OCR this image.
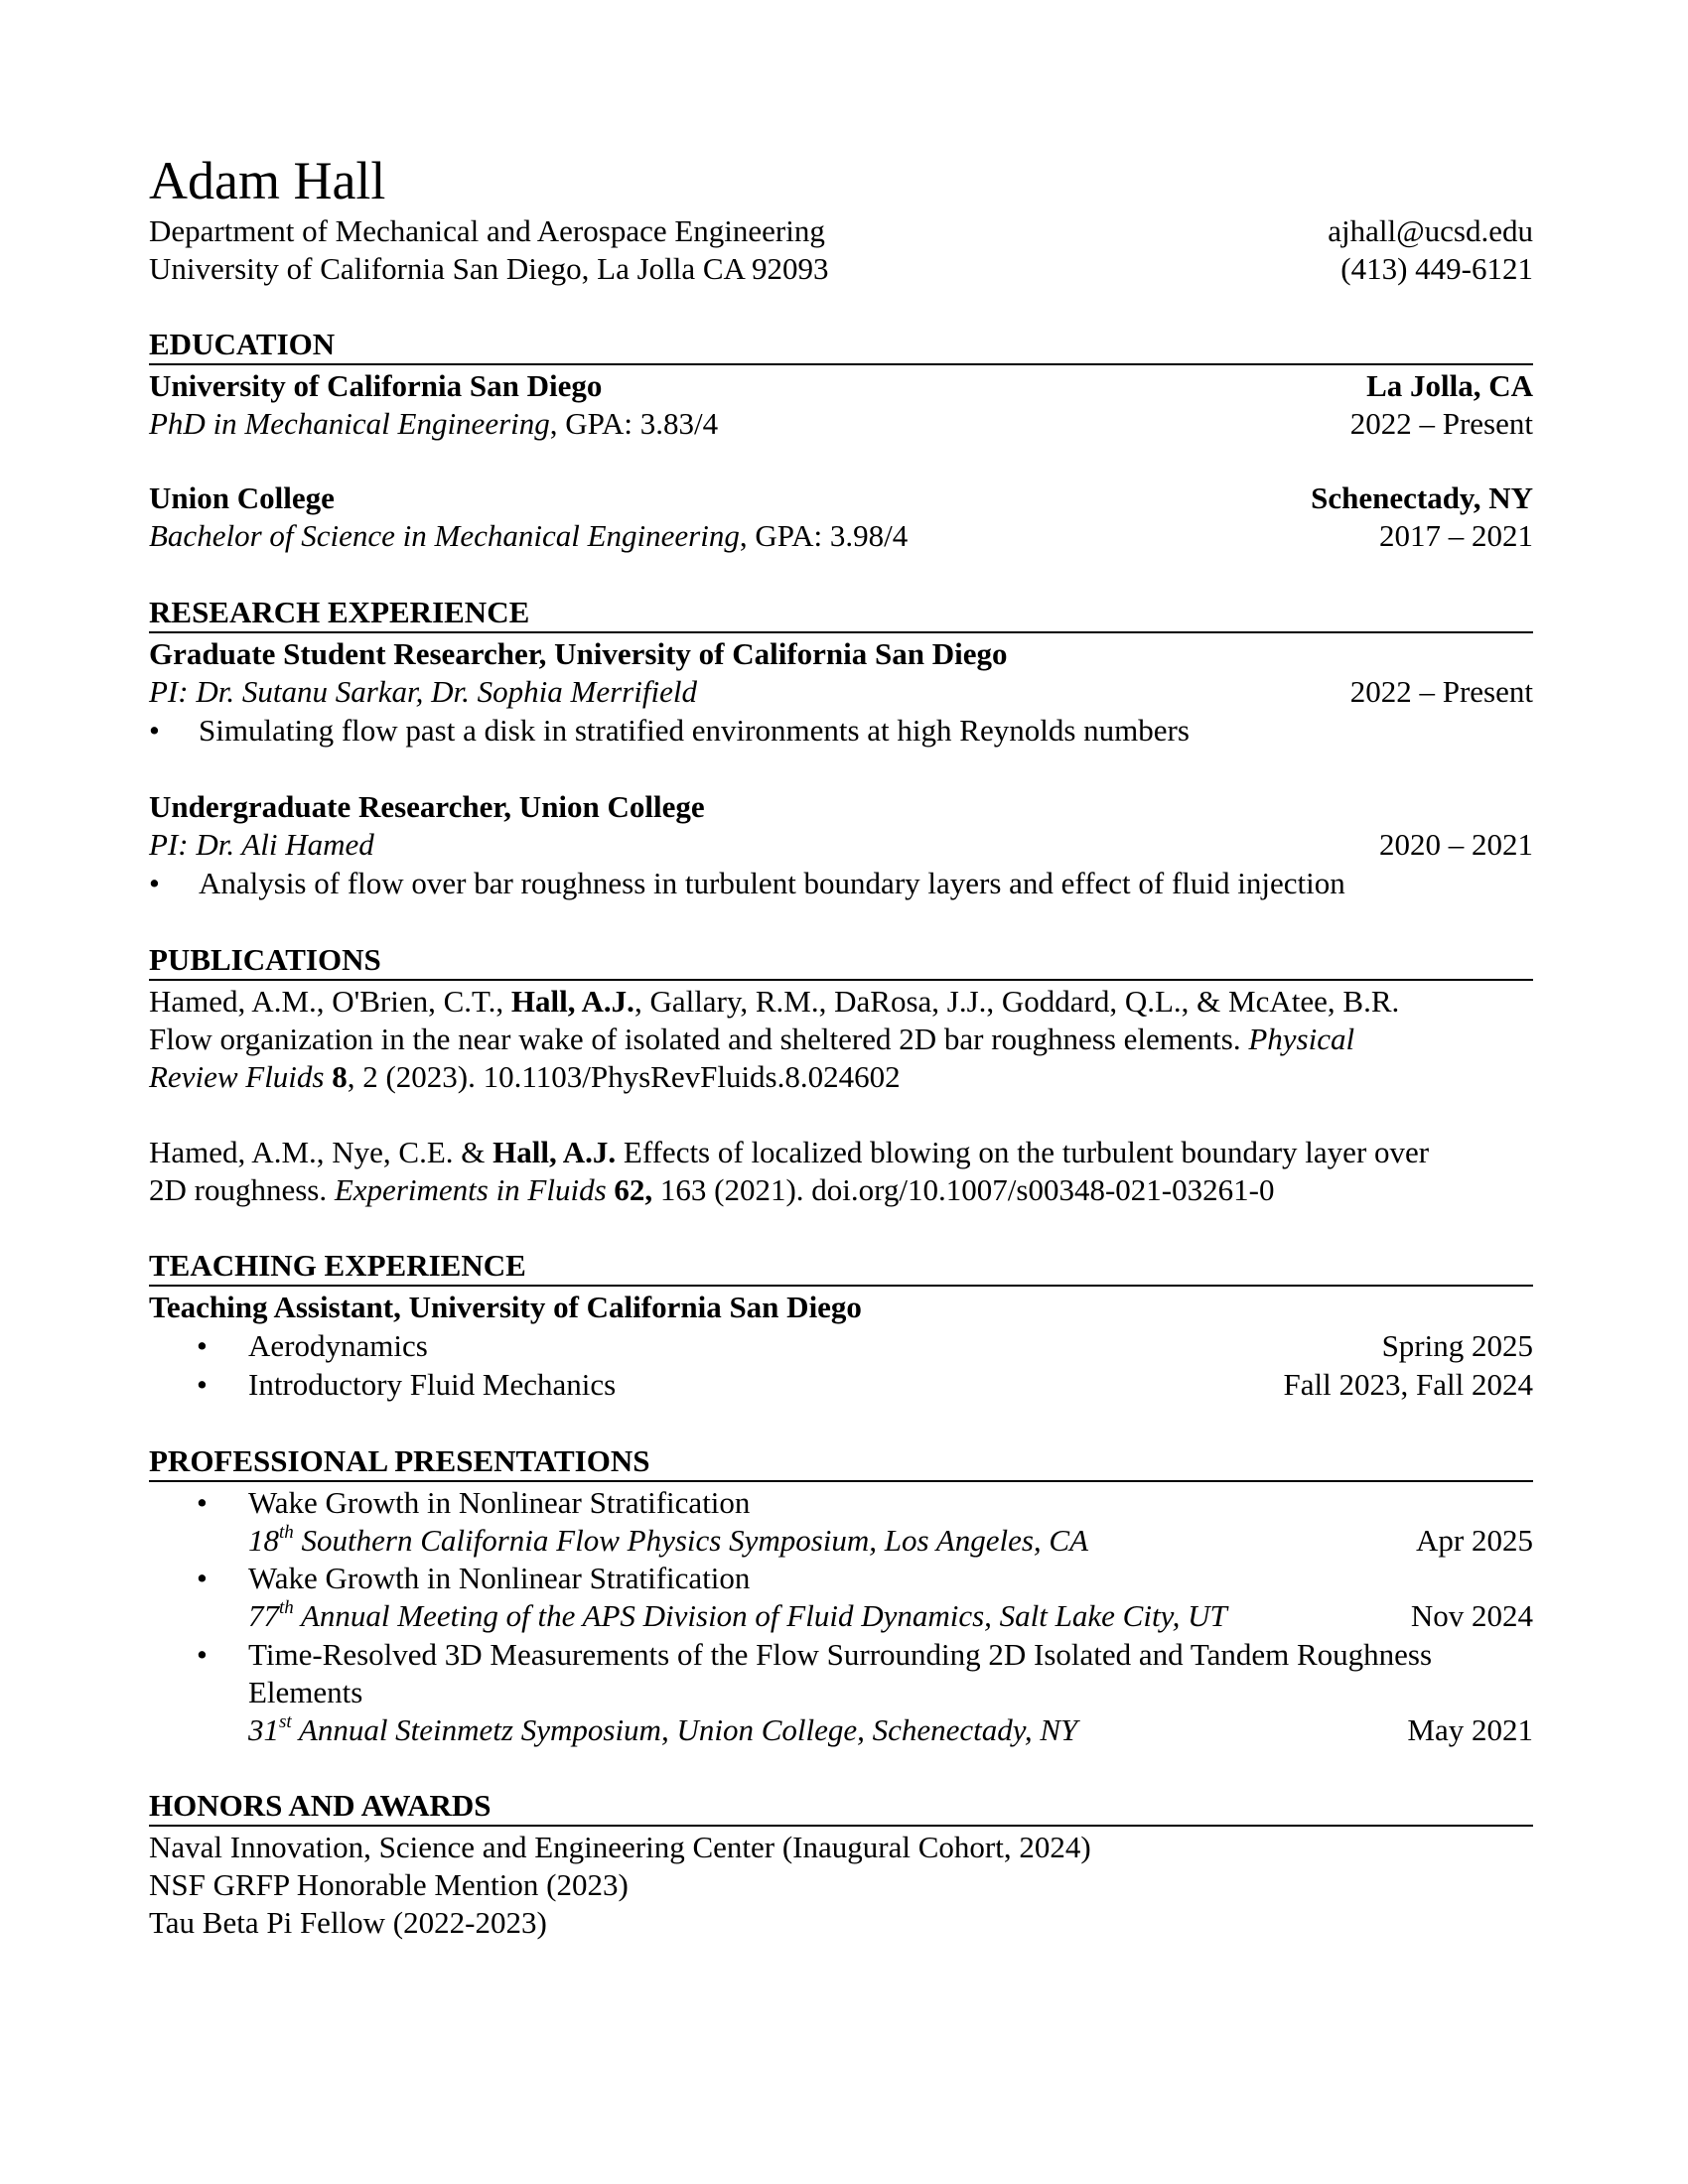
Adam Hall
Department of Mechanical and Aerospace Engineering	ajhall@ucsd.edu
University of California San Diego, La Jolla CA 92093	(413) 449-6121
EDUCATION
University of California San Diego	La Jolla, CA
PhD in Mechanical Engineering, GPA: 3.83/4	2022 – Present
Union College	Schenectady, NY
Bachelor of Science in Mechanical Engineering, GPA: 3.98/4	2017 – 2021
RESEARCH EXPERIENCE
Graduate Student Researcher, University of California San Diego
PI: Dr. Sutanu Sarkar, Dr. Sophia Merrifield	2022 – Present
• Simulating flow past a disk in stratified environments at high Reynolds numbers
Undergraduate Researcher, Union College
PI: Dr. Ali Hamed	2020 – 2021
• Analysis of flow over bar roughness in turbulent boundary layers and effect of fluid injection
PUBLICATIONS
Hamed, A.M., O'Brien, C.T., Hall, A.J., Gallary, R.M., DaRosa, J.J., Goddard, Q.L., & McAtee, B.R.
Flow organization in the near wake of isolated and sheltered 2D bar roughness elements. Physical
Review Fluids 8, 2 (2023). 10.1103/PhysRevFluids.8.024602
Hamed, A.M., Nye, C.E. & Hall, A.J. Effects of localized blowing on the turbulent boundary layer over
2D roughness. Experiments in Fluids 62, 163 (2021). doi.org/10.1007/s00348-021-03261-0
TEACHING EXPERIENCE
Teaching Assistant, University of California San Diego
• Aerodynamics	Spring 2025
• Introductory Fluid Mechanics	Fall 2023, Fall 2024
PROFESSIONAL PRESENTATIONS
• Wake Growth in Nonlinear Stratification
18th Southern California Flow Physics Symposium, Los Angeles, CA	Apr 2025
• Wake Growth in Nonlinear Stratification
77th Annual Meeting of the APS Division of Fluid Dynamics, Salt Lake City, UT	Nov 2024
• Time-Resolved 3D Measurements of the Flow Surrounding 2D Isolated and Tandem Roughness
Elements
31st Annual Steinmetz Symposium, Union College, Schenectady, NY	May 2021
HONORS AND AWARDS
Naval Innovation, Science and Engineering Center (Inaugural Cohort, 2024)
NSF GRFP Honorable Mention (2023)
Tau Beta Pi Fellow (2022-2023)
